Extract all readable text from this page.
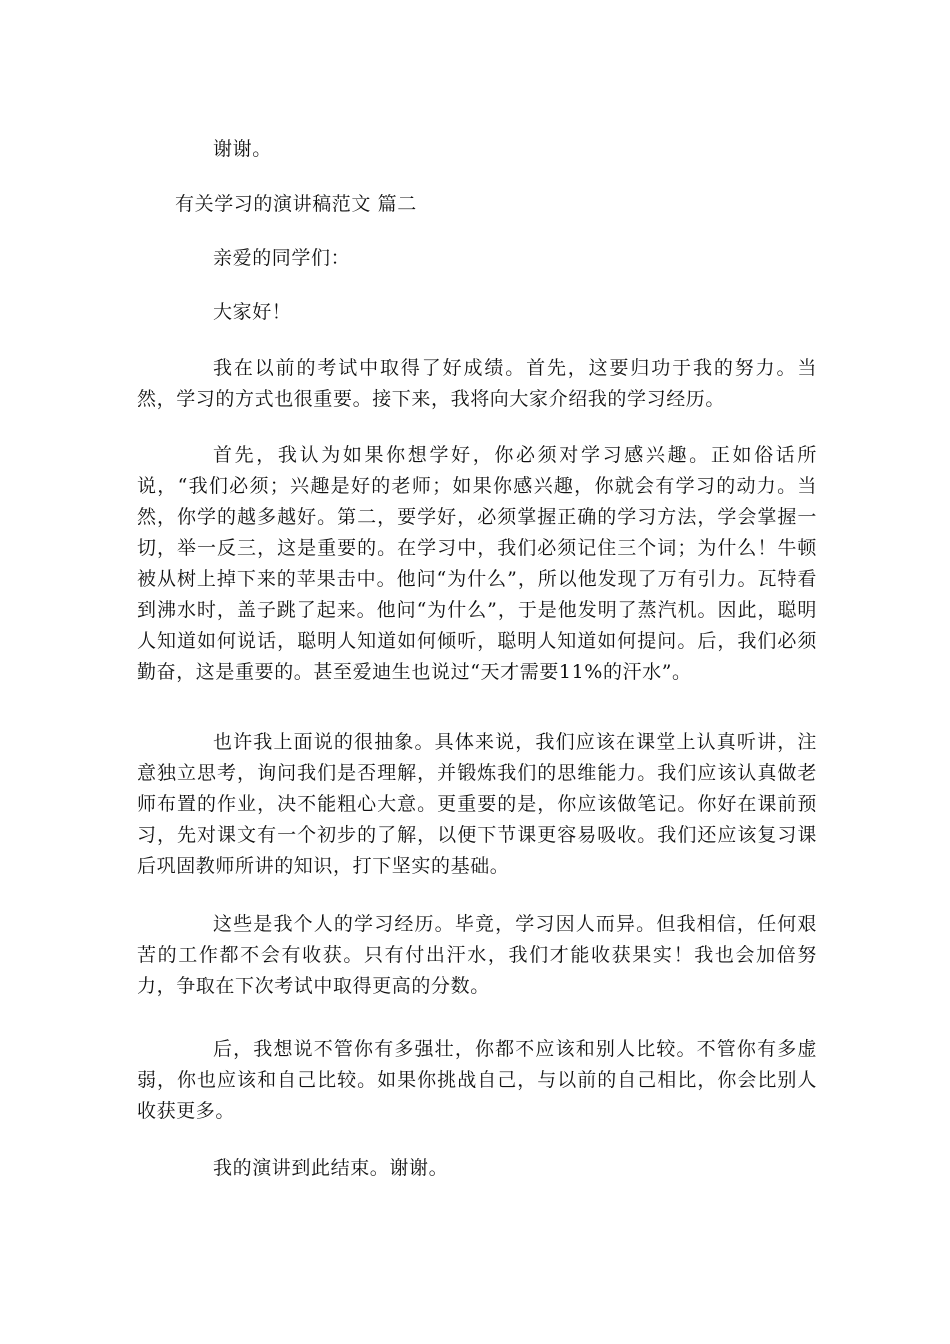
谢谢。

有关学习的演讲稿范文 篇二

亲爱的同学们：

大家好！

我在以前的考试中取得了好成绩。首先，这要归功于我的努力。当然，学习的方式也很重要。接下来，我将向大家介绍我的学习经历。

首先，我认为如果你想学好，你必须对学习感兴趣。正如俗话所说，“我们必须；兴趣是好的老师；如果你感兴趣，你就会有学习的动力。当然，你学的越多越好。第二，要学好，必须掌握正确的学习方法，学会掌握一切，举一反三，这是重要的。在学习中，我们必须记住三个词；为什么！牛顿被从树上掉下来的苹果击中。他问“为什么”，所以他发现了万有引力。瓦特看到沸水时，盖子跳了起来。他问“为什么”，于是他发明了蒸汽机。因此，聪明人知道如何说话，聪明人知道如何倾听，聪明人知道如何提问。后，我们必须勤奋，这是重要的。甚至爱迪生也说过“天才需要11%的汗水”。

也许我上面说的很抽象。具体来说，我们应该在课堂上认真听讲，注意独立思考，询问我们是否理解，并锻炼我们的思维能力。我们应该认真做老师布置的作业，决不能粗心大意。更重要的是，你应该做笔记。你好在课前预习，先对课文有一个初步的了解，以便下节课更容易吸收。我们还应该复习课后巩固教师所讲的知识，打下坚实的基础。

这些是我个人的学习经历。毕竟，学习因人而异。但我相信，任何艰苦的工作都不会有收获。只有付出汗水，我们才能收获果实！我也会加倍努力，争取在下次考试中取得更高的分数。

后，我想说不管你有多强壮，你都不应该和别人比较。不管你有多虚弱，你也应该和自己比较。如果你挑战自己，与以前的自己相比，你会比别人收获更多。

我的演讲到此结束。谢谢。
